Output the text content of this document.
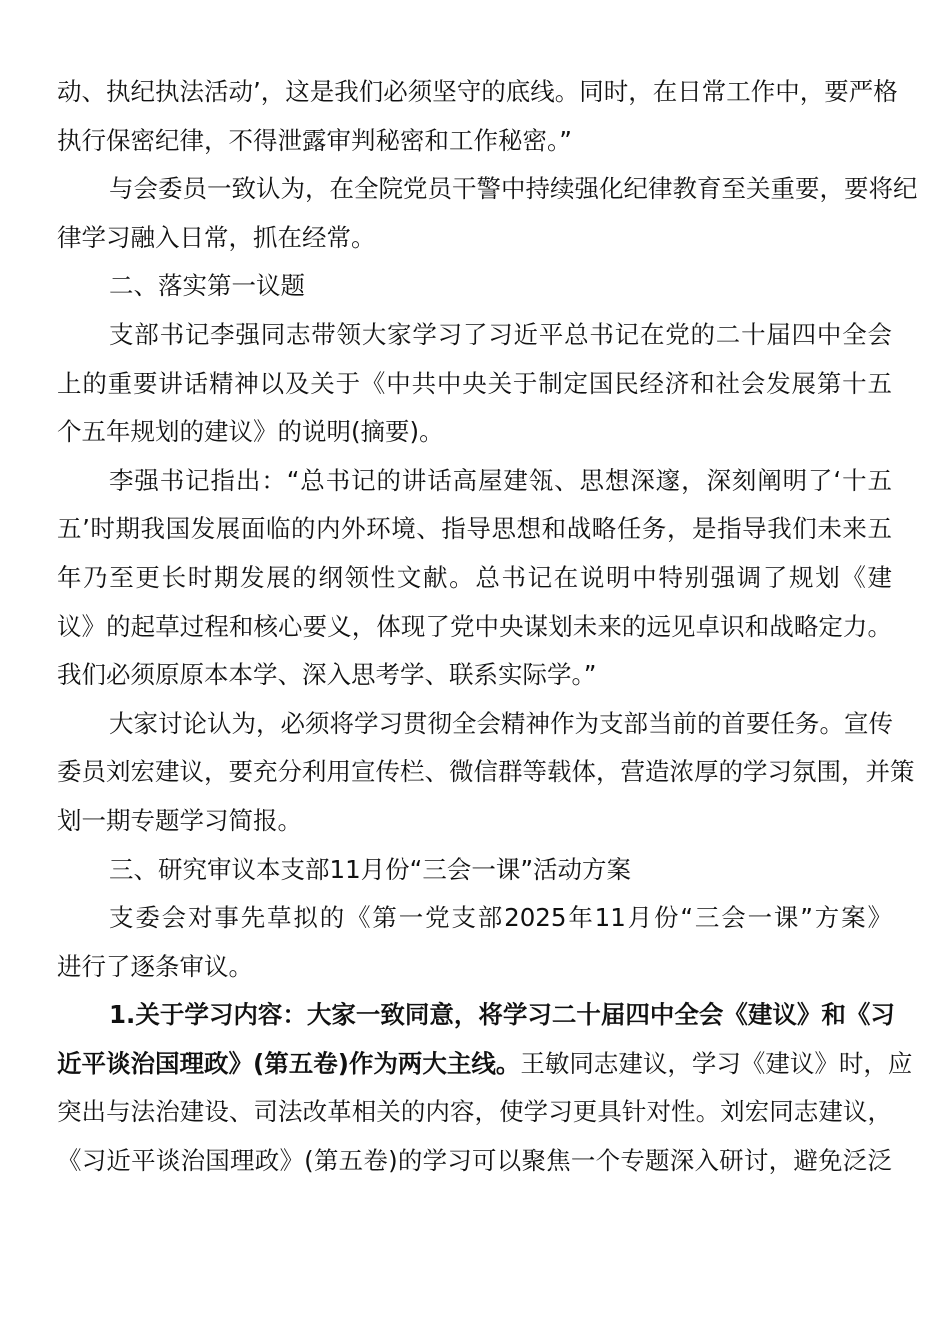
动、执纪执法活动’，这是我们必须坚守的底线。同时，在日常工作中，要严格
执行保密纪律，不得泄露审判秘密和工作秘密。”
与会委员一致认为，在全院党员干警中持续强化纪律教育至关重要，要将纪
律学习融入日常，抓在经常。
二、落实第一议题
支部书记李强同志带领大家学习了习近平总书记在党的二十届四中全会
上的重要讲话精神以及关于《中共中央关于制定国民经济和社会发展第十五
个五年规划的建议》的说明(摘要)。
李强书记指出：“总书记的讲话高屋建瓴、思想深邃，深刻阐明了‘十五
五’时期我国发展面临的内外环境、指导思想和战略任务，是指导我们未来五
年乃至更长时期发展的纲领性文献。总书记在说明中特别强调了规划《建
议》的起草过程和核心要义，体现了党中央谋划未来的远见卓识和战略定力。
我们必须原原本本学、深入思考学、联系实际学。”
大家讨论认为，必须将学习贯彻全会精神作为支部当前的首要任务。宣传
委员刘宏建议，要充分利用宣传栏、微信群等载体，营造浓厚的学习氛围，并策
划一期专题学习简报。
三、研究审议本支部11月份“三会一课”活动方案
支委会对事先草拟的《第一党支部2025年11月份“三会一课”方案》
进行了逐条审议。
1.关于学习内容：大家一致同意，将学习二十届四中全会《建议》和《习
近平谈治国理政》(第五卷)作为两大主线。王敏同志建议，学习《建议》时，应
突出与法治建设、司法改革相关的内容，使学习更具针对性。刘宏同志建议，
《习近平谈治国理政》(第五卷)的学习可以聚焦一个专题深入研讨，避免泛泛
